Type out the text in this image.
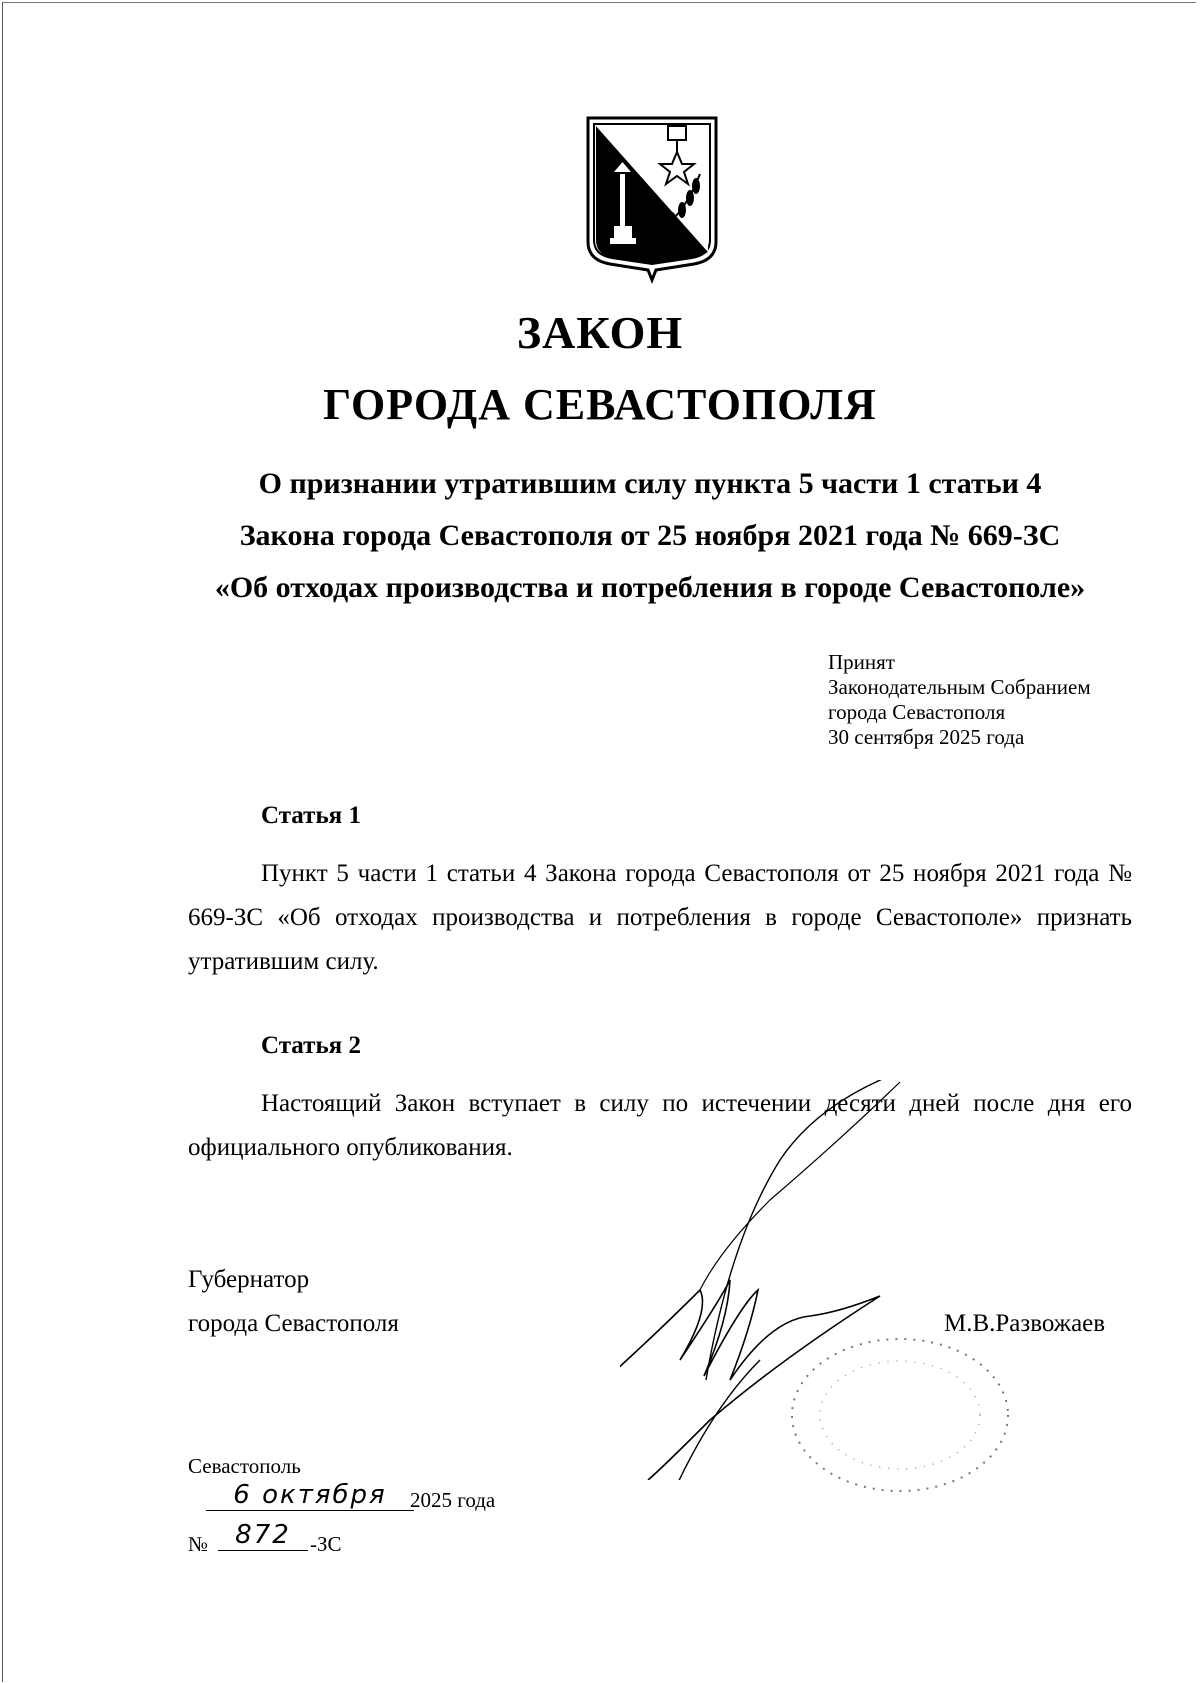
ЗАКОН
ГОРОДА СЕВАСТОПОЛЯ
О признании утратившим силу пункта 5 части 1 статьи 4
Закона города Севастополя от 25 ноября 2021 года № 669-ЗС
«Об отходах производства и потребления в городе Севастополе»
Принят
Законодательным Собранием
города Севастополя
30 сентября 2025 года
Статья 1
Пункт 5 части 1 статьи 4 Закона города Севастополя от 25 ноября 2021 года № 669-ЗС «Об отходах производства и потребления в городе Севастополе» признать утратившим силу.
Статья 2
Настоящий Закон вступает в силу по истечении десяти дней после дня его официального опубликования.
Губернатор
города Севастополя	М.В.Развожаев
Севастополь
6 октября	2025 года
№	872 -ЗС
